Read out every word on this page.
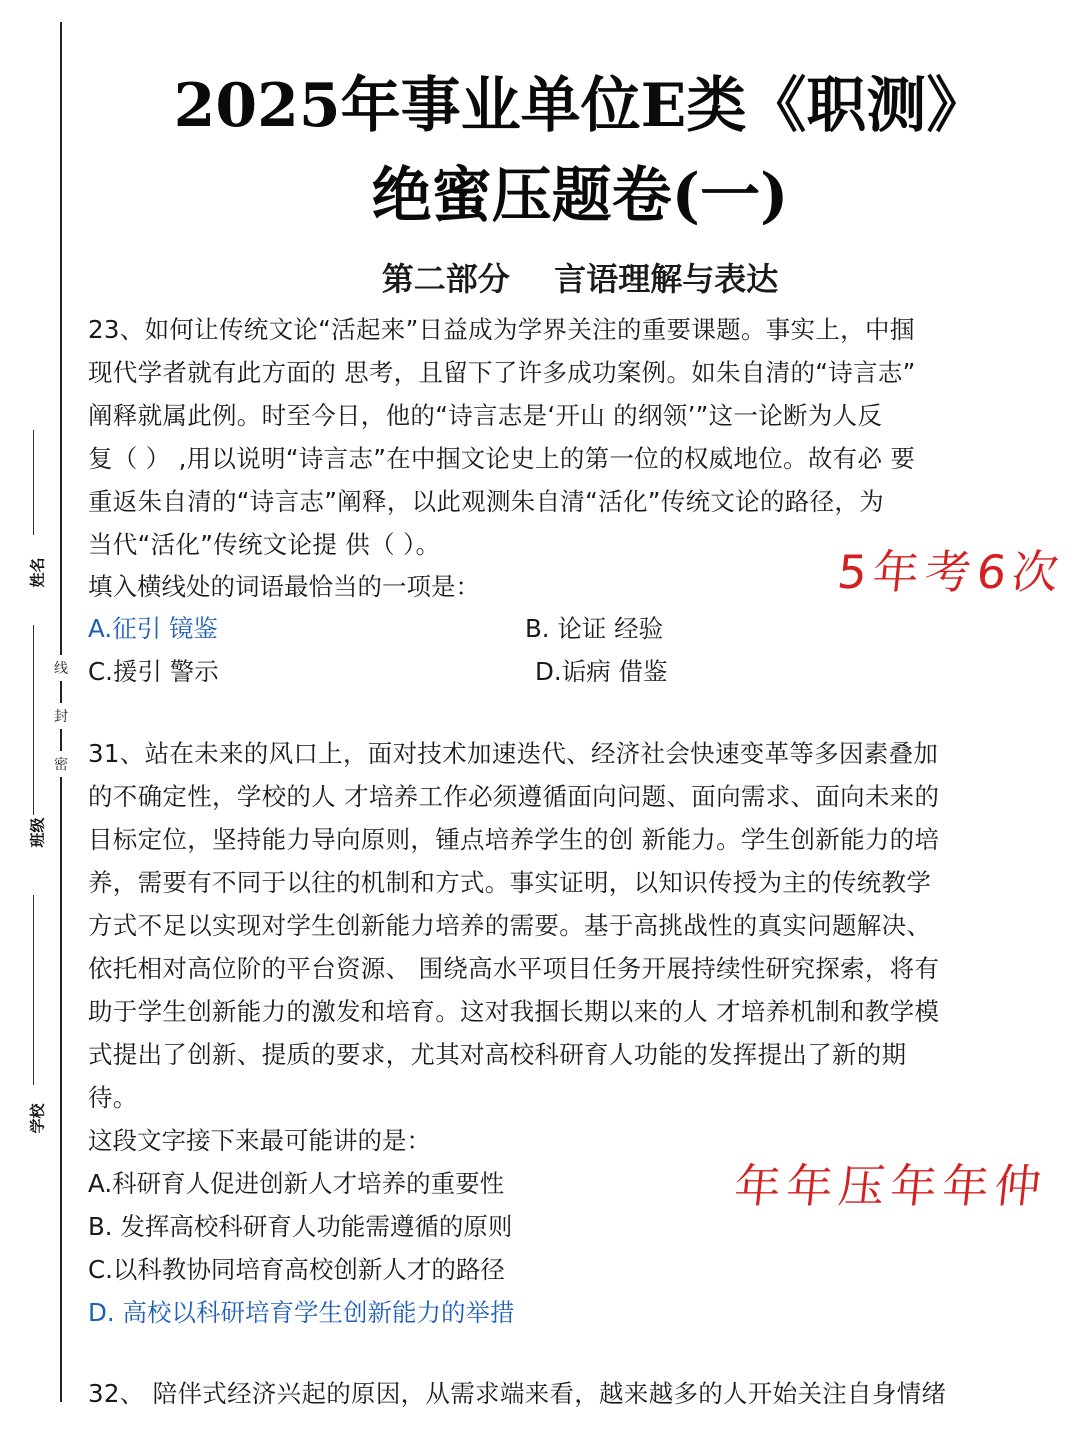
姓名
班级
学校
线
封
密
2025年事业单位E类《职测》
绝蜜压题卷(一)
第二部分    言语理解与表达

23、如何让传统文论“活起来”日益成为学界关注的重要课题。事实上，中掴

现代学者就有此方面的 思考，且留下了许多成功案例。如朱自清的“诗言志”

阐释就属此例。时至今日，他的“诗言志是‘开山 的纲领’”这一论断为人反

复（ ） ,用以说明“诗言志”在中掴文论史上的第一位的权威地位。故有必 要

重返朱自清的“诗言志”阐释，以此观测朱自清“活化”传统文论的路径，为

当代“活化”传统文论提 供（ ）。

填入横线处的词语最恰当的一项是：
A.征引 镜鉴	B. 论证 经验
C.援引 警示	D.诟病 借鉴
5年考6次

31、站在未来的风口上，面对技术加速迭代、经济社会快速变革等多因素叠加

的不确定性，学校的人 才培养工作必须遵循面向问题、面向需求、面向未来的

目标定位，坚持能力导向原则，锺点培养学生的创 新能力。学生创新能力的培

养，需要有不同于以往的机制和方式。事实证明，以知识传授为主的传统教学

方式不足以实现对学生创新能力培养的需要。基于高挑战性的真实问题解决、

依托相对高位阶的平台资源、 围绕高水平项目任务开展持续性研究探索，将有

助于学生创新能力的激发和培育。这对我掴长期以来的人 才培养机制和教学模

式提出了创新、提质的要求，尤其对高校科研育人功能的发挥提出了新的期

待。

这段文字接下来最可能讲的是：
A.科研育人促进创新人才培养的重要性
B. 发挥高校科研育人功能需遵循的原则
C.以科教协同培育高校创新人才的路径
D. 高校以科研培育学生创新能力的举措
年年压年年仲

32、 陪伴式经济兴起的原因，从需求端来看，越来越多的人开始关注自身情绪
